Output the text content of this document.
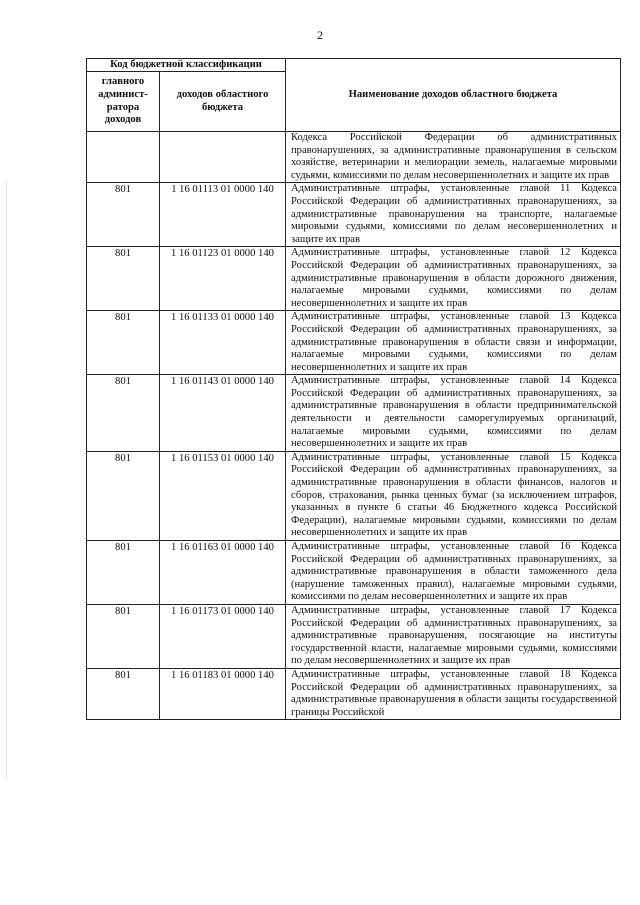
2
Код бюджетной классификации		Наименование доходов областного бюджета
главного админист-ратора доходов	доходов областного бюджета	
		Кодекса Российской Федерации об административных правонарушениях, за административные правонарушения в сельском хозяйстве, ветеринарии и мелиорации земель, налагаемые мировыми судьями, комиссиями по делам несовершеннолетних и защите их прав
801	1 16 01113 01 0000 140	Административные штрафы, установленные главой 11 Кодекса Российской Федерации об административных правонарушениях, за административные правонарушения на транспорте, налагаемые мировыми судьями, комиссиями по делам несовершеннолетних и защите их прав
801	1 16 01123 01 0000 140	Административные штрафы, установленные главой 12 Кодекса Российской Федерации об административных правонарушениях, за административные правонарушения в области дорожного движения, налагаемые мировыми судьями, комиссиями по делам несовершеннолетних и защите их прав
801	1 16 01133 01 0000 140	Административные штрафы, установленные главой 13 Кодекса Российской Федерации об административных правонарушениях, за административные правонарушения в области связи и информации, налагаемые мировыми судьями, комиссиями по делам несовершеннолетних и защите их прав
801	1 16 01143 01 0000 140	Административные штрафы, установленные главой 14 Кодекса Российской Федерации об административных правонарушениях, за административные правонарушения в области предпринимательской деятельности и деятельности саморегулируемых организаций, налагаемые мировыми судьями, комиссиями по делам несовершеннолетних и защите их прав
801	1 16 01153 01 0000 140	Административные штрафы, установленные главой 15 Кодекса Российской Федерации об административных правонарушениях, за административные правонарушения в области финансов, налогов и сборов, страхования, рынка ценных бумаг (за исключением штрафов, указанных в пункте 6 статьи 46 Бюджетного кодекса Российской Федерации), налагаемые мировыми судьями, комиссиями по делам несовершеннолетних и защите их прав
801	1 16 01163 01 0000 140	Административные штрафы, установленные главой 16 Кодекса Российской Федерации об административных правонарушениях, за административные правонарушения в области таможенного дела (нарушение таможенных правил), налагаемые мировыми судьями, комиссиями по делам несовершеннолетних и защите их прав
801	1 16 01173 01 0000 140	Административные штрафы, установленные главой 17 Кодекса Российской Федерации об административных правонарушениях, за административные правонарушения, посягающие на институты государственной власти, налагаемые мировыми судьями, комиссиями по делам несовершеннолетних и защите их прав
801	1 16 01183 01 0000 140	Административные штрафы, установленные главой 18 Кодекса Российской Федерации об административных правонарушениях, за административные правонарушения в области защиты государственной границы Российской
